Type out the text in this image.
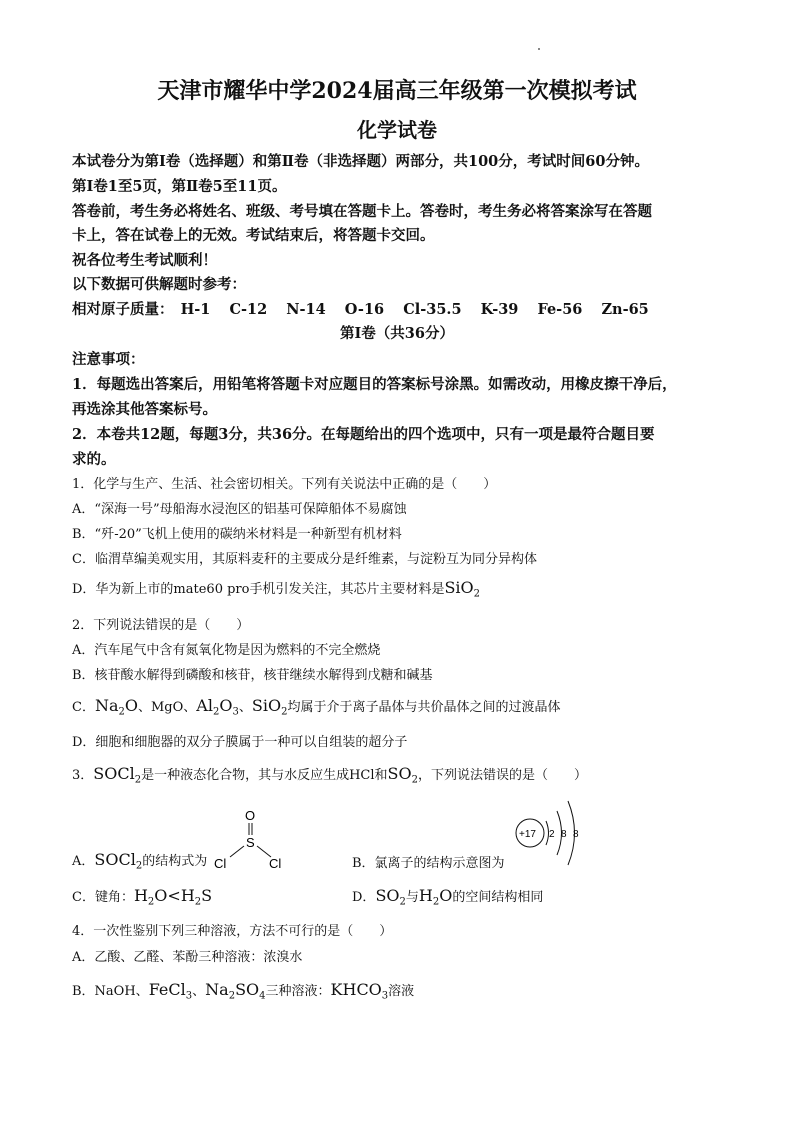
天津市耀华中学2024届高三年级第一次模拟考试
化学试卷
本试卷分为第Ⅰ卷（选择题）和第Ⅱ卷（非选择题）两部分，共100分，考试时间60分钟。
第Ⅰ卷1至5页，第Ⅱ卷5至11页。
答卷前，考生务必将姓名、班级、考号填在答题卡上。答卷时，考生务必将答案涂写在答题
卡上，答在试卷上的无效。考试结束后，将答题卡交回。
祝各位考生考试顺利！
以下数据可供解题时参考：
相对原子质量： H-1 C-12 N-14 O-16 Cl-35.5 K-39 Fe-56 Zn-65
第Ⅰ卷（共36分）
注意事项：
1．每题选出答案后，用铅笔将答题卡对应题目的答案标号涂黑。如需改动，用橡皮擦干净后，
再选涂其他答案标号。
2．本卷共12题，每题3分，共36分。在每题给出的四个选项中，只有一项是最符合题目要
求的。
1．化学与生产、生活、社会密切相关。下列有关说法中正确的是（　　）
A．“深海一号”母船海水浸泡区的铝基可保障船体不易腐蚀
B．“歼-20”飞机上使用的碳纳米材料是一种新型有机材料
C．临渭草编美观实用，其原料麦秆的主要成分是纤维素，与淀粉互为同分异构体
D．华为新上市的mate60 pro手机引发关注，其芯片主要材料是SiO$_2$
2．下列说法错误的是（　　）
A．汽车尾气中含有氮氧化物是因为燃料的不完全燃烧
B．核苷酸水解得到磷酸和核苷，核苷继续水解得到戊糖和碱基
C．$Na_2O$、MgO、$Al_2O_3$、SiO$_2$均属于介于离子晶体与共价晶体之间的过渡晶体
D．细胞和细胞器的双分子膜属于一种可以自组装的超分子
3．SOCl$_2$是一种液态化合物，其与水反应生成HCl和$SO_2$，下列说法错误的是（　　）
O
S
Cl	Cl
A．SOCl$_2$的结构式为
+17 2 8 8
B．氯离子的结构示意图为
C．键角：$H_2O<H_2S$	D．$SO_2$与$H_2O$的空间结构相同
4．一次性鉴别下列三种溶液，方法不可行的是（　　）
A．乙酸、乙醛、苯酚三种溶液：浓溴水
B．NaOH、FeCl$_3$、$Na_2SO_4$三种溶液：$KHCO_3$溶液
